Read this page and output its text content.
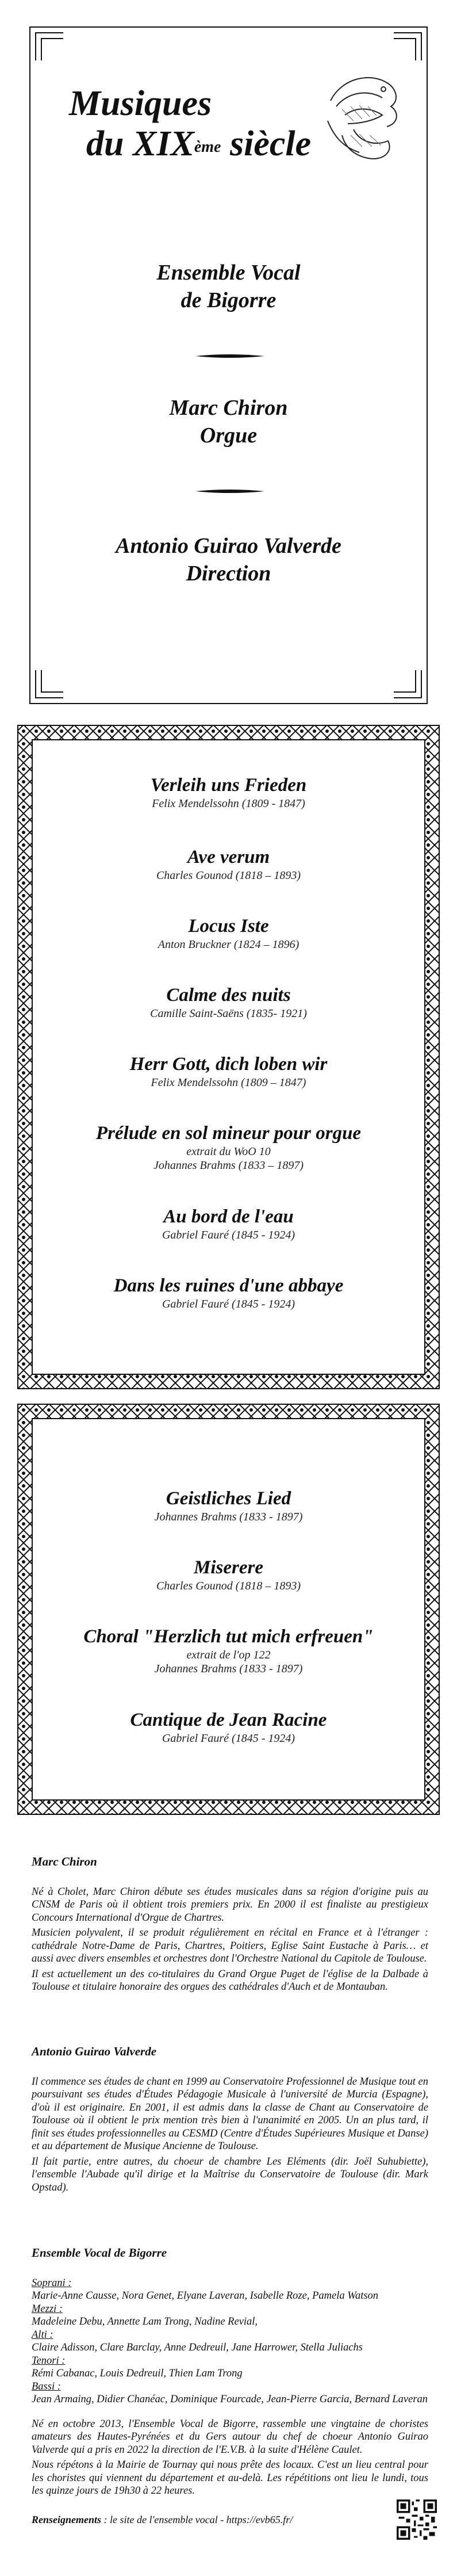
Musiques
du XIXème siècle
Ensemble Vocal
de Bigorre
Marc Chiron
Orgue
Antonio Guirao Valverde
Direction
Verleih uns Frieden
Felix Mendelssohn (1809 - 1847)
Ave verum
Charles Gounod (1818 – 1893)
Locus Iste
Anton Bruckner (1824 – 1896)
Calme des nuits
Camille Saint-Saëns (1835- 1921)
Herr Gott, dich loben wir
Felix Mendelssohn (1809 – 1847)
Prélude en sol mineur pour orgue
extrait du WoO 10
Johannes Brahms (1833 – 1897)
Au bord de l'eau
Gabriel Fauré (1845 - 1924)
Dans les ruines d'une abbaye
Gabriel Fauré (1845 - 1924)
Geistliches Lied
Johannes Brahms (1833 - 1897)
Miserere
Charles Gounod (1818 – 1893)
Choral "Herzlich tut mich erfreuen"
extrait de l'op 122
Johannes Brahms (1833 - 1897)
Cantique de Jean Racine
Gabriel Fauré (1845 - 1924)
Marc Chiron

Né à Cholet, Marc Chiron débute ses études musicales dans sa région d'origine puis au CNSM de Paris où il obtient trois premiers prix. En 2000 il est finaliste au prestigieux Concours International d'Orgue de Chartres.

Musicien polyvalent, il se produit régulièrement en récital en France et à l'étranger : cathédrale Notre-Dame de Paris, Chartres, Poitiers, Eglise Saint Eustache à Paris… et aussi avec divers ensembles et orchestres dont l'Orchestre National du Capitole de Toulouse.

Il est actuellement un des co-titulaires du Grand Orgue Puget de l'église de la Dalbade à Toulouse et titulaire honoraire des orgues des cathédrales d'Auch et de Montauban.

Antonio Guirao Valverde

Il commence ses études de chant en 1999 au Conservatoire Professionnel de Musique tout en poursuivant ses études d'Études Pédagogie Musicale à l'université de Murcia (Espagne), d'où il est originaire. En 2001, il est admis dans la classe de Chant au Conservatoire de Toulouse où il obtient le prix mention très bien à l'unanimité en 2005. Un an plus tard, il finit ses études professionnelles au CESMD (Centre d'Études Supérieures Musique et Danse) et au département de Musique Ancienne de Toulouse.

Il fait partie, entre autres, du choeur de chambre Les Eléments (dir. Joël Suhubiette), l'ensemble l'Aubade qu'il dirige et la Maîtrise du Conservatoire de Toulouse (dir. Mark Opstad).

Ensemble Vocal de Bigorre
Soprani :
Marie-Anne Causse, Nora Genet, Elyane Laveran, Isabelle Roze, Pamela Watson
Mezzi :
Madeleine Debu, Annette Lam Trong, Nadine Revial,
Alti :
Claire Adisson, Clare Barclay, Anne Dedreuil, Jane Harrower, Stella Juliachs
Tenori :
Rémi Cabanac, Louis Dedreuil, Thien Lam Trong
Bassi :
Jean Armaing, Didier Chanéac, Dominique Fourcade, Jean-Pierre Garcia, Bernard Laveran

Né en octobre 2013, l'Ensemble Vocal de Bigorre, rassemble une vingtaine de choristes amateurs des Hautes-Pyrénées et du Gers autour du chef de choeur Antonio Guirao Valverde qui a pris en 2022 la direction de l'E.V.B. à la suite d'Hélène Caulet.

Nous répétons à la Mairie de Tournay qui nous prête des locaux. C'est un lieu central pour les choristes qui viennent du département et au-delà. Les répétitions ont lieu le lundi, tous les quinze jours de 19h30 à 22 heures.

Renseignements : le site de l'ensemble vocal - https://evb65.fr/
